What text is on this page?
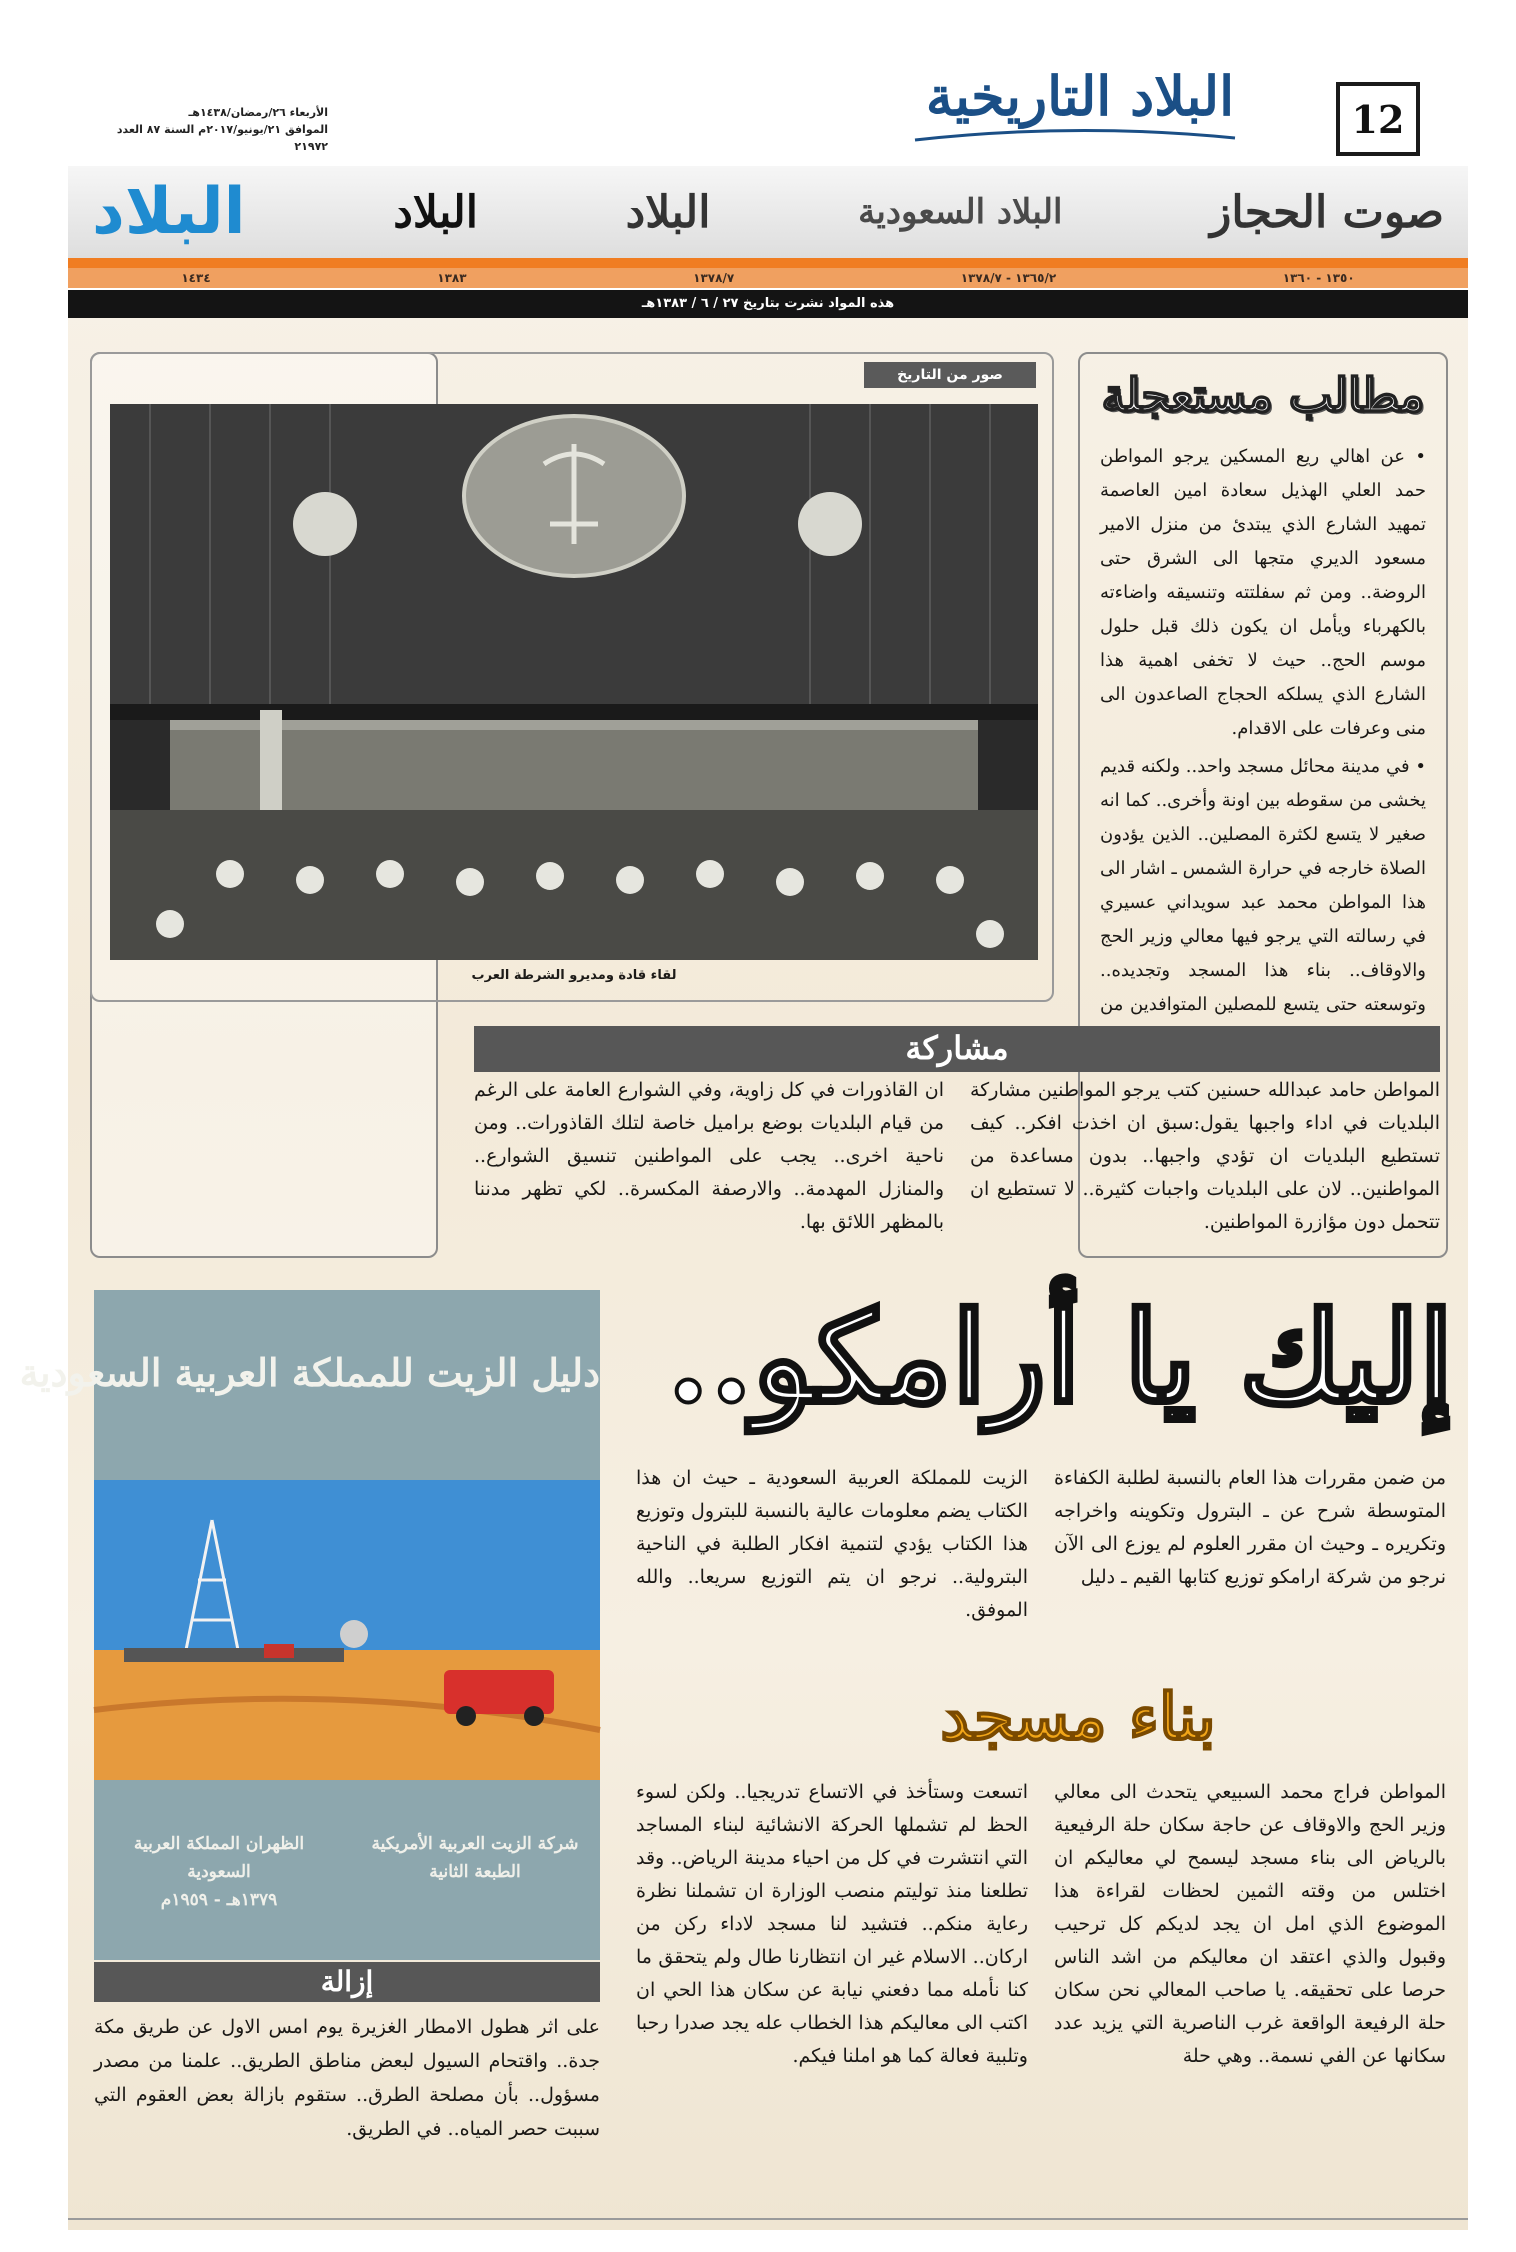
12
البلاد التاريخية
الأربعاء ٢٦/رمضان/١٤٣٨هـ
الموافق ٢١/يونيو/٢٠١٧م السنة ٨٧ العدد ٢١٩٧٢
صوت الحجاز
البلاد السعودية
البلاد
البلاد
البلاد
١٣٥٠ - ١٣٦٠
١٣٦٥/٢ - ١٣٧٨/٧
١٣٧٨/٧
١٣٨٣
١٤٣٤
هذه المواد نشرت بتاريخ ٢٧ / ٦ / ١٣٨٣هـ
مطالب مستعجلة

• عن اهالي ريع المسكين يرجو المواطن حمد العلي الهذيل سعادة امين العاصمة تمهيد الشارع الذي يبتدئ من منزل الامير مسعود الديري متجها الى الشرق حتى الروضة.. ومن ثم سفلتته وتنسيقه واضاءته بالكهرباء ويأمل ان يكون ذلك قبل حلول موسم الحج.. حيث لا تخفى اهمية هذا الشارع الذي يسلكه الحجاج الصاعدون الى منى وعرفات على الاقدام.

• في مدينة محائل مسجد واحد.. ولكنه قديم يخشى من سقوطه بين اونة وأخرى.. كما انه صغير لا يتسع لكثرة المصلين.. الذين يؤدون الصلاة خارجه في حرارة الشمس ـ اشار الى هذا المواطن محمد عبد سويداني عسيري في رسالته التي يرجو فيها معالي وزير الحج والاوقاف.. بناء هذا المسجد وتجديده.. وتوسعته حتى يتسع للمصلين المتوافدين من

صور من التاريخ
لقاء قادة ومديرو الشرطة العرب
مشاركة
المواطن حامد عبدالله حسنين كتب يرجو المواطنين مشاركة البلديات في اداء واجبها يقول:سبق ان اخذت افكر.. كيف تستطيع البلديات ان تؤدي واجبها.. بدون مساعدة من المواطنين.. لان على البلديات واجبات كثيرة.. لا تستطيع ان تتحمل دون مؤازرة المواطنين.
ان القاذورات في كل زاوية، وفي الشوارع العامة على الرغم من قيام البلديات بوضع براميل خاصة لتلك القاذورات.. ومن ناحية اخرى.. يجب على المواطنين تنسيق الشوارع.. والمنازل المهدمة.. والارصفة المكسرة.. لكي تظهر مدننا بالمظهر اللائق بها.
إليك يا أرامكو..
من ضمن مقررات هذا العام بالنسبة لطلبة الكفاءة المتوسطة شرح عن ـ البترول وتكوينه واخراجه وتكريره ـ وحيث ان مقرر العلوم لم يوزع الى الآن نرجو من شركة ارامكو توزيع كتابها القيم ـ دليل
الزيت للمملكة العربية السعودية ـ حيث ان هذا الكتاب يضم معلومات عالية بالنسبة للبترول وتوزيع هذا الكتاب يؤدي لتنمية افكار الطلبة في الناحية البترولية.. نرجو ان يتم التوزيع سريعا.. والله الموفق.
دليل الزيت للمملكة العربية السعودية
شركة الزيت العربية الأمريكية
الطبعة الثانية
الظهران المملكة العربية السعودية
١٣٧٩هـ - ١٩٥٩م
بناء مسجد
المواطن فراج محمد السبيعي يتحدث الى معالي وزير الحج والاوقاف عن حاجة سكان حلة الرفيعية بالرياض الى بناء مسجد ليسمح لي معاليكم ان اختلس من وقته الثمين لحظات لقراءة هذا الموضوع الذي امل ان يجد لديكم كل ترحيب وقبول والذي اعتقد ان معاليكم من اشد الناس حرصا على تحقيقه. يا صاحب المعالي نحن سكان حلة الرفيعة الواقعة غرب الناصرية التي يزيد عدد سكانها عن الفي نسمة.. وهي حلة
اتسعت وستأخذ في الاتساع تدريجيا.. ولكن لسوء الحظ لم تشملها الحركة الانشائية لبناء المساجد التي انتشرت في كل من احياء مدينة الرياض.. وقد تطلعنا منذ توليتم منصب الوزارة ان تشملنا نظرة رعاية منكم.. فتشيد لنا مسجد لاداء ركن من اركان.. الاسلام غير ان انتظارنا طال ولم يتحقق ما كنا نأمله مما دفعني نيابة عن سكان هذا الحي ان اكتب الى معاليكم هذا الخطاب عله يجد صدرا رحبا وتلبية فعالة كما هو املنا فيكم.
إزالة
على اثر هطول الامطار الغزيرة يوم امس الاول عن طريق مكة جدة.. واقتحام السيول لبعض مناطق الطريق.. علمنا من مصدر مسؤول.. بأن مصلحة الطرق.. ستقوم بازالة بعض العقوم التي سببت حصر المياه.. في الطريق.
